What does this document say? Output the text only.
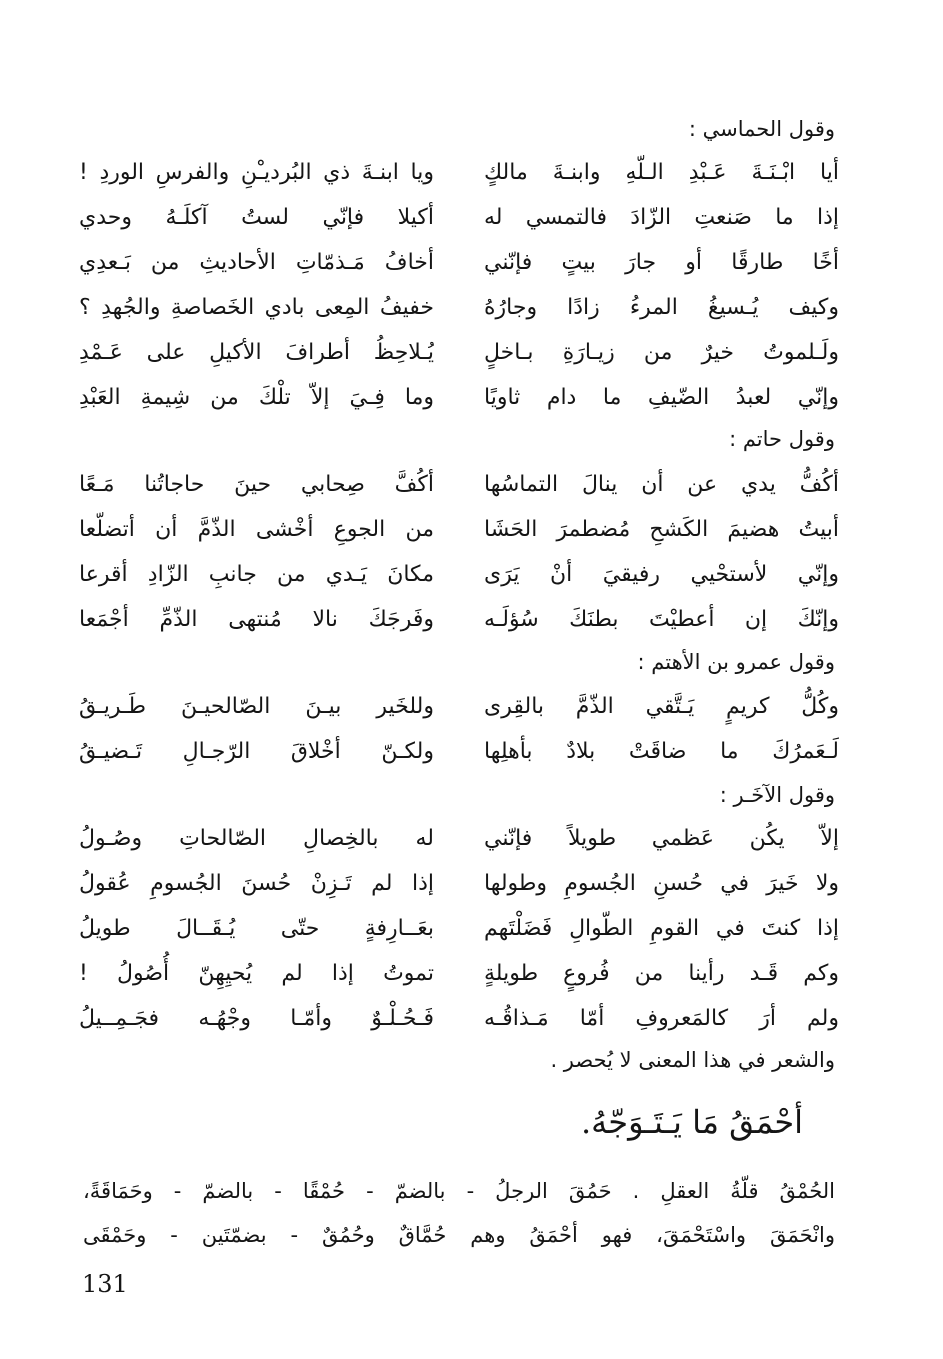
وقول الحماسي :
أيا ابْـنَـةَ عَـبْدِ الـلّهِ وابنـةَ مالكٍ
ويا ابنـةَ ذي البُرديـْنِ والفرسِ الوردِ !
إذا ما صَنعتِ الزّادَ فالتمسي له
أكيلا فإنّي لستُ آكلَـهُ وحدي
أخًا طارقًا أو جارَ بيتٍ فإنّني
أخافُ مَـذمّاتِ الأحاديثِ من بَـعدِي
وكيف يُـسيغُ المرءُ زادًا وجارُهُ
خفيفُ المِعى بادي الخَصاصةِ والجُهدِ ؟
ولَـلموتُ خيرٌ من زيـارَةِ بـاخلٍ
يُـلاحِظُ أطرافَ الأكيلِ على عَـمْدِ
وإنّي لعبدُ الضّيفِ ما دام ثاويًا
وما فِـيَ إلاّ تلْكَ من شِيمةِ العَبْدِ
وقول حاتم :
أكُفُّ يدي عن أن ينالَ التماسُها
أكُفَّ صِحابي حينَ حاجاتُنا مَـعًا
أبيتُ هضيمَ الكَشحِ مُضطمرَ الحَشَا
من الجوعِ أخْشى الذّمَّ أن أتضلّعا
وإنّي لأستحْيي رفيقيَ أنْ يَرَى
مكانَ يَـدي من جانبِ الزّادِ أقرعا
وإنّكَ إن أعطيْتَ بطنَكَ سُؤلَـه
وفَرجَكَ نالا مُنتهى الذّمِّ أجْمَعا
وقول عمرو بن الأهتم :
وكُلُّ كريمٍ يَـتَّقي الذّمَّ بالقِرى
وللخَير بيـنَ الصّالحيـنَ طَـريـقُ
لَـعَمرُكَ ما ضاقَتْ بلادٌ بأهلِها
ولكـنّ أخْلاقَ الرّجـالِ تَـضيـقُ
وقول الآخَـر :
إلاّ يكُن عَظمي طويلاً فإنّني
له بالخِصالِ الصّالحاتِ وصُـولُ
ولا خَيرَ في حُسنِ الجُسومِ وطولها
إذا لم تَـزِنْ حُسنَ الجُسومِ عُقولُ
إذا كنتَ في القومِ الطّوالِ فَضَلْتَهم
بعَــارِفةٍ حتّى يُـقَــالَ طويلُ
وكم قَـد رأينا من فُروعٍ طويلةٍ
تموتُ إذا لم يُحيِهِنّ أُصُولُ !
ولم أرَ كالمَعروفِ أمّا مَـذاقُـه
فَـحُـلْـوٌ وأمّـا وجْهُـه فجَـمِــيلُ
والشعر في هذا المعنى لا يُحصر .
أحْمَقُ مَا يَـتَـوَجّهُ.
الحُمْقُ قلّةُ العقلِ . حَمُقَ الرجلُ - بالضمّ - حُمْقًا - بالضمّ - وحَمَاقَةً،
وانْحَمَقَ واسْتَحْمَقَ، فهو أحْمَقُ وهم حُمَّاقٌ وحُمُقٌ - بضمّتَين - وحَمْقَى
131
